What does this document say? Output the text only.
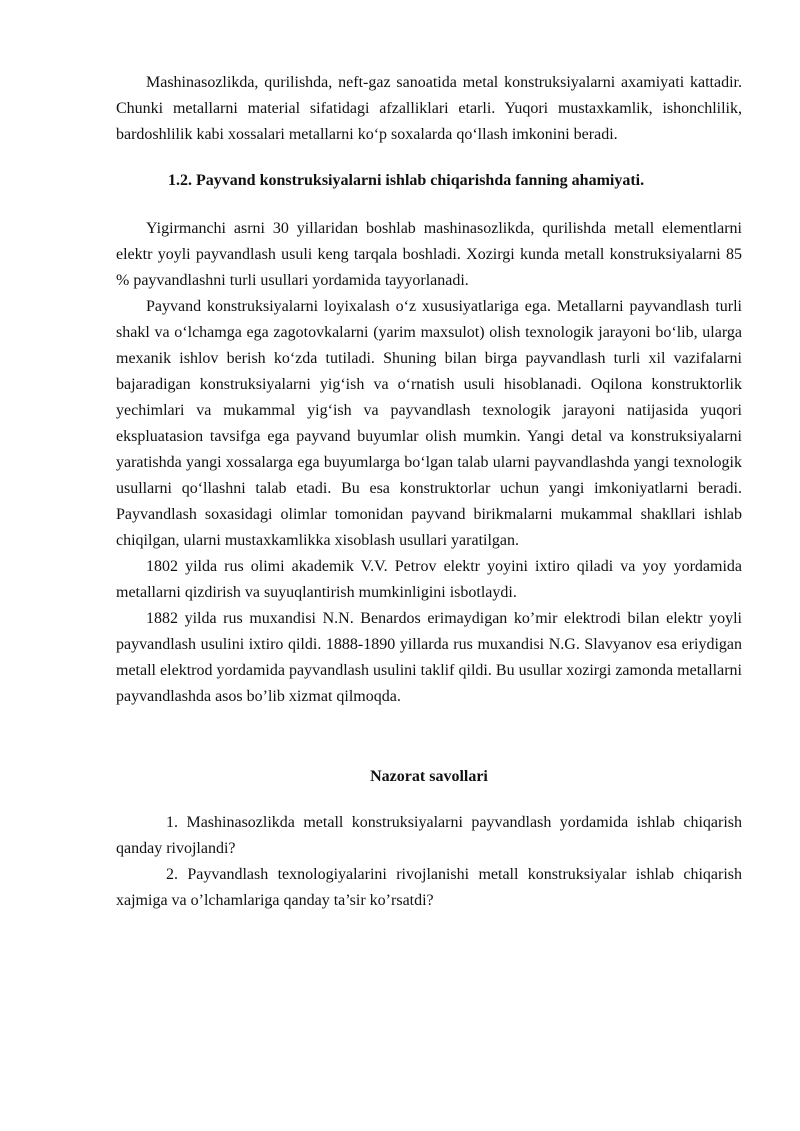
Mashinasozlikda, qurilishda, neft-gaz sanoatida metal konstruksiyalarni axamiyati kattadir. Chunki metallarni material sifatidagi afzalliklari etarli. Yuqori mustaxkamlik, ishonchlilik, bardoshlilik kabi xossalari metallarni ko‘p soxalarda qo‘llash imkonini beradi.

1.2. Payvand konstruksiyalarni ishlab chiqarishda fanning ahamiyati.

Yigirmanchi asrni 30 yillaridan boshlab mashinasozlikda, qurilishda metall elementlarni elektr yoyli payvandlash usuli keng tarqala boshladi. Xozirgi kunda metall konstruksiyalarni 85 % payvandlashni turli usullari yordamida tayyorlanadi.

Payvand konstruksiyalarni loyixalash o‘z xususiyatlariga ega. Metallarni payvandlash turli shakl va o‘lchamga ega zagotovkalarni (yarim maxsulot) olish texnologik jarayoni bo‘lib, ularga mexanik ishlov berish ko‘zda tutiladi. Shuning bilan birga payvandlash turli xil vazifalarni bajaradigan konstruksiyalarni yig‘ish va o‘rnatish usuli hisoblanadi. Oqilona konstruktorlik yechimlari va mukammal yig‘ish va payvandlash texnologik jarayoni natijasida yuqori ekspluatasion tavsifga ega payvand buyumlar olish mumkin. Yangi detal va konstruksiyalarni yaratishda yangi xossalarga ega buyumlarga bo‘lgan talab ularni payvandlashda yangi texnologik usullarni qo‘llashni talab etadi. Bu esa konstruktorlar uchun yangi imkoniyatlarni beradi. Payvandlash soxasidagi olimlar tomonidan payvand birikmalarni mukammal shakllari ishlab chiqilgan, ularni mustaxkamlikka xisoblash usullari yaratilgan.

1802 yilda rus olimi akademik V.V. Petrov elektr yoyini ixtiro qiladi va yoy yordamida metallarni qizdirish va suyuqlantirish mumkinligini isbotlaydi.

1882 yilda rus muxandisi N.N. Benardos erimaydigan ko’mir elektrodi bilan elektr yoyli payvandlash usulini ixtiro qildi. 1888-1890 yillarda rus muxandisi N.G. Slavyanov esa eriydigan metall elektrod yordamida payvandlash usulini taklif qildi. Bu usullar xozirgi zamonda metallarni payvandlashda asos bo’lib xizmat qilmoqda.

Nazorat savollari
1. Mashinasozlikda metall konstruksiyalarni payvandlash yordamida ishlab chiqarish qanday rivojlandi?
2. Payvandlash texnologiyalarini rivojlanishi metall konstruksiyalar ishlab chiqarish xajmiga va o’lchamlariga qanday ta’sir ko’rsatdi?
